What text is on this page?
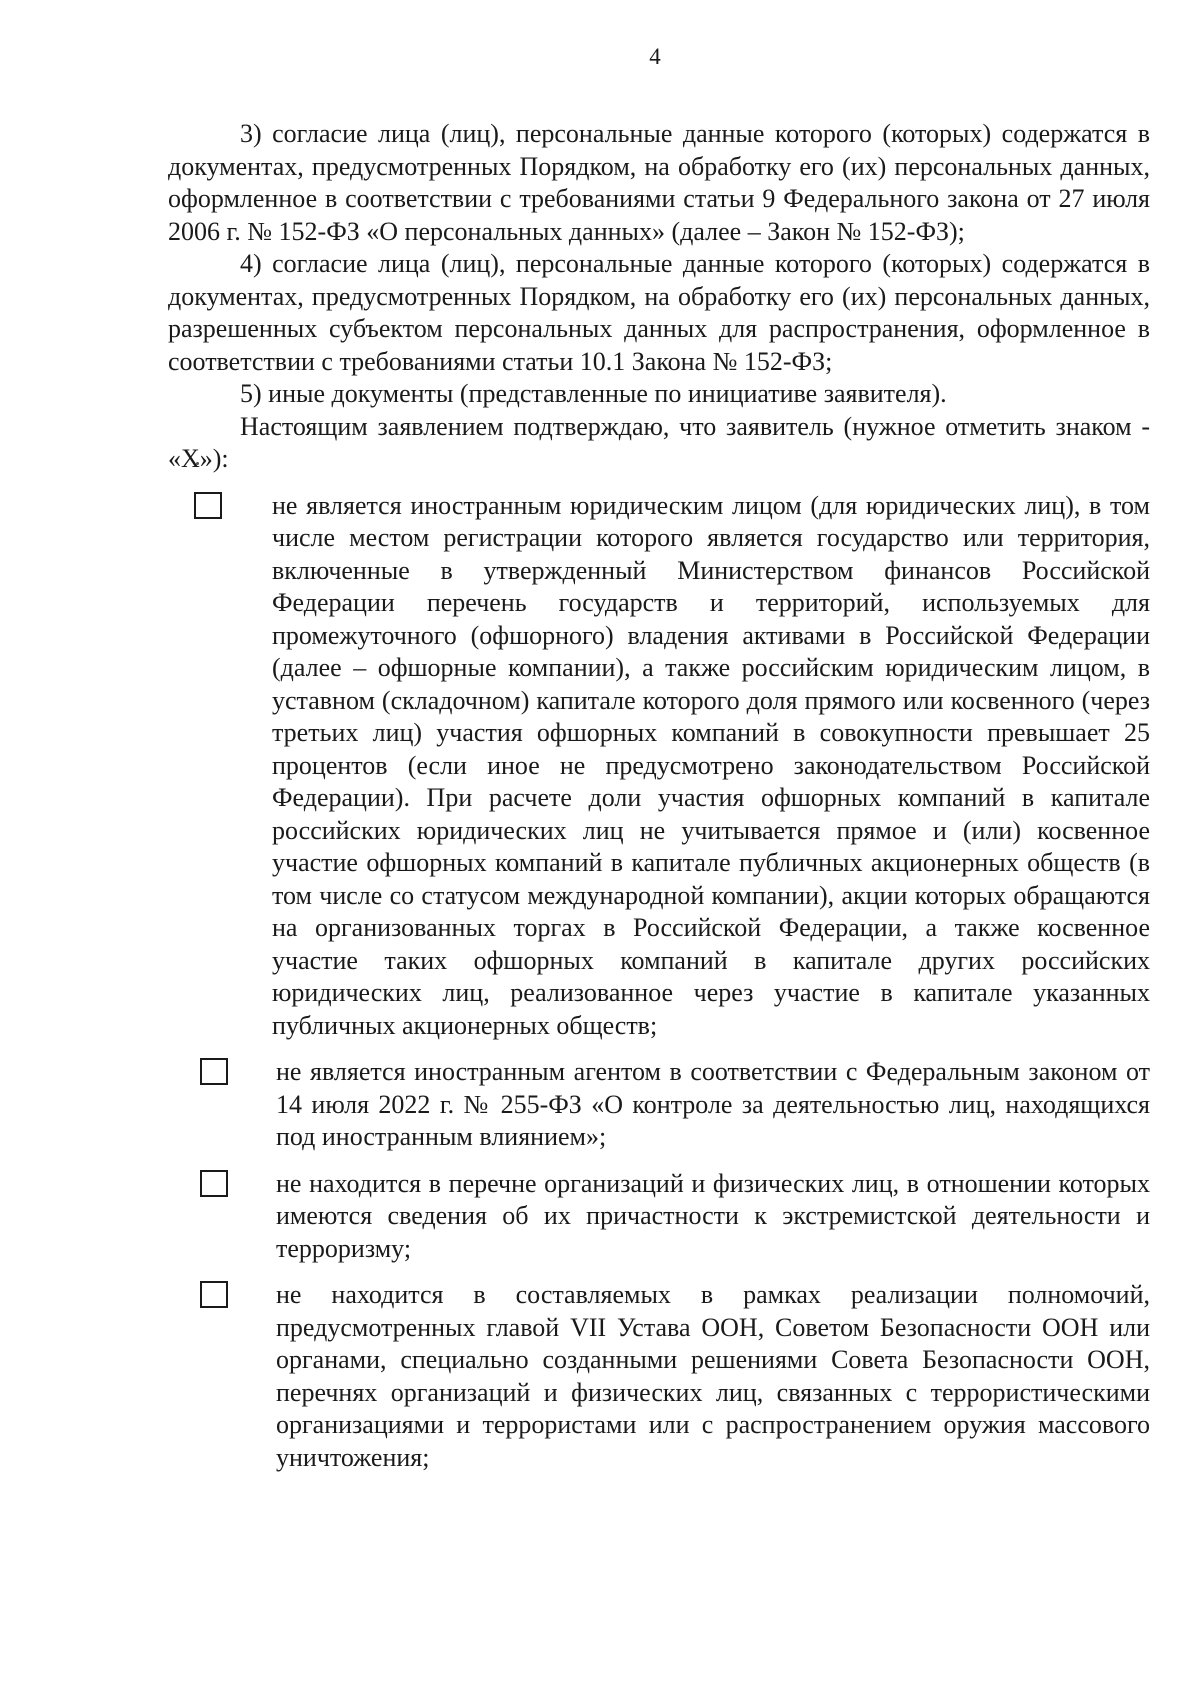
4

3) согласие лица (лиц), персональные данные которого (которых) содержатся в документах, предусмотренных Порядком, на обработку его (их) персональных данных, оформленное в соответствии с требованиями статьи 9 Федерального закона от 27 июля 2006 г. № 152-ФЗ «О персональных данных» (далее – Закон № 152-ФЗ);

4) согласие лица (лиц), персональные данные которого (которых) содержатся в документах, предусмотренных Порядком, на обработку его (их) персональных данных, разрешенных субъектом персональных данных для распространения, оформленное в соответствии с требованиями статьи 10.1 Закона № 152-ФЗ;

5) иные документы (представленные по инициативе заявителя).

Настоящим заявлением подтверждаю, что заявитель (нужное отметить знаком - «Х»):

не является иностранным юридическим лицом (для юридических лиц), в том числе местом регистрации которого является государство или территория, включенные в утвержденный Министерством финансов Российской Федерации перечень государств и территорий, используемых для промежуточного (офшорного) владения активами в Российской Федерации (далее – офшорные компании), а также российским юридическим лицом, в уставном (складочном) капитале которого доля прямого или косвенного (через третьих лиц) участия офшорных компаний в совокупности превышает 25 процентов (если иное не предусмотрено законодательством Российской Федерации). При расчете доли участия офшорных компаний в капитале российских юридических лиц не учитывается прямое и (или) косвенное участие офшорных компаний в капитале публичных акционерных обществ (в том числе со статусом международной компании), акции которых обращаются на организованных торгах в Российской Федерации, а также косвенное участие таких офшорных компаний в капитале других российских юридических лиц, реализованное через участие в капитале указанных публичных акционерных обществ;

не является иностранным агентом в соответствии с Федеральным законом от 14 июля 2022 г. № 255-ФЗ «О контроле за деятельностью лиц, находящихся под иностранным влиянием»;

не находится в перечне организаций и физических лиц, в отношении которых имеются сведения об их причастности к экстремистской деятельности и терроризму;

не находится в составляемых в рамках реализации полномочий, предусмотренных главой VII Устава ООН, Советом Безопасности ООН или органами, специально созданными решениями Совета Безопасности ООН, перечнях организаций и физических лиц, связанных с террористическими организациями и террористами или с распространением оружия массового уничтожения;
